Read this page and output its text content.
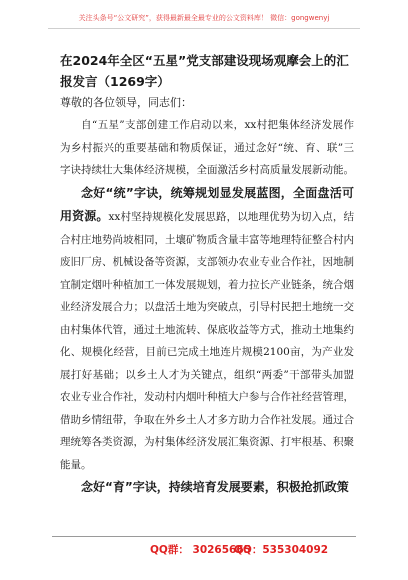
关注头条号“公文研究”，获得最新最全最专业的公文资料库！ 微信：gongwenyj

在2024年全区“五星”党支部建设现场观摩会上的汇报发言（1269字）

尊敬的各位领导，同志们：

自“五星”支部创建工作启动以来，xx村把集体经济发展作为乡村振兴的重要基础和物质保证，通过念好“统、育、联”三字诀持续壮大集体经济规模，全面激活乡村高质量发展新动能。

念好“统”字诀，统筹规划显发展蓝图，全面盘活可用资源。xx村坚持规模化发展思路，以地理优势为切入点，结合村庄地势尚坡相同，土壤矿物质含量丰富等地理特征整合村内废旧厂房、机械设备等资源，支部领办农业专业合作社，因地制宜制定烟叶种植加工一体发展规划，着力拉长产业链条，统合烟业经济发展合力；以盘活土地为突破点，引导村民把土地统一交由村集体代管，通过土地流转、保底收益等方式，推动土地集约化、规模化经营，目前已完成土地连片规模2100亩，为产业发展打好基础；以乡土人才为关键点，组织“两委”干部带头加盟农业专业合作社，发动村内烟叶种植大户参与合作社经营管理，借助乡情纽带，争取在外乡土人才多方助力合作社发展。通过合理统筹各类资源，为村集体经济发展汇集资源、打牢根基、积聚能量。

念好“育”字诀，持续培育发展要素，积极抢抓政策

QQ群： 30265665
QQ：535304092
